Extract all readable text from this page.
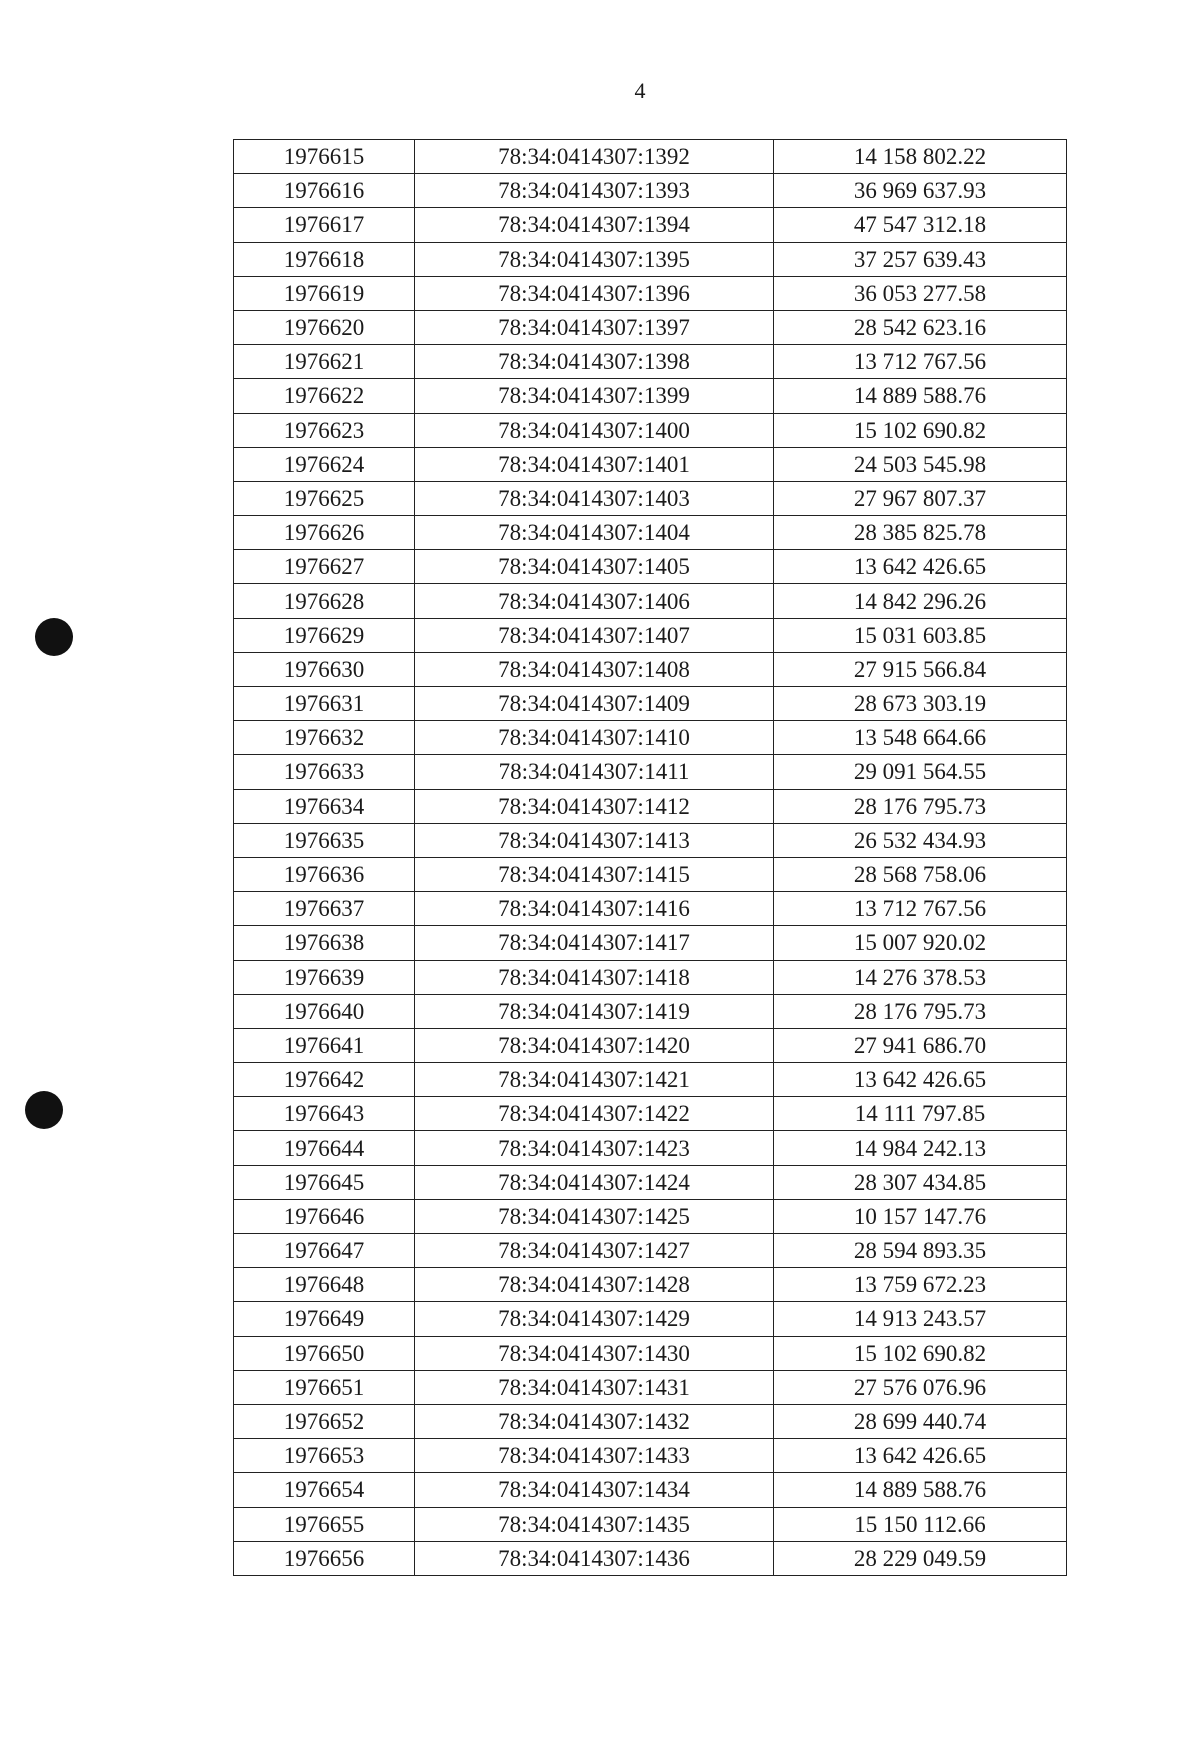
4
1976615	78:34:0414307:1392	14 158 802.22
1976616	78:34:0414307:1393	36 969 637.93
1976617	78:34:0414307:1394	47 547 312.18
1976618	78:34:0414307:1395	37 257 639.43
1976619	78:34:0414307:1396	36 053 277.58
1976620	78:34:0414307:1397	28 542 623.16
1976621	78:34:0414307:1398	13 712 767.56
1976622	78:34:0414307:1399	14 889 588.76
1976623	78:34:0414307:1400	15 102 690.82
1976624	78:34:0414307:1401	24 503 545.98
1976625	78:34:0414307:1403	27 967 807.37
1976626	78:34:0414307:1404	28 385 825.78
1976627	78:34:0414307:1405	13 642 426.65
1976628	78:34:0414307:1406	14 842 296.26
1976629	78:34:0414307:1407	15 031 603.85
1976630	78:34:0414307:1408	27 915 566.84
1976631	78:34:0414307:1409	28 673 303.19
1976632	78:34:0414307:1410	13 548 664.66
1976633	78:34:0414307:1411	29 091 564.55
1976634	78:34:0414307:1412	28 176 795.73
1976635	78:34:0414307:1413	26 532 434.93
1976636	78:34:0414307:1415	28 568 758.06
1976637	78:34:0414307:1416	13 712 767.56
1976638	78:34:0414307:1417	15 007 920.02
1976639	78:34:0414307:1418	14 276 378.53
1976640	78:34:0414307:1419	28 176 795.73
1976641	78:34:0414307:1420	27 941 686.70
1976642	78:34:0414307:1421	13 642 426.65
1976643	78:34:0414307:1422	14 111 797.85
1976644	78:34:0414307:1423	14 984 242.13
1976645	78:34:0414307:1424	28 307 434.85
1976646	78:34:0414307:1425	10 157 147.76
1976647	78:34:0414307:1427	28 594 893.35
1976648	78:34:0414307:1428	13 759 672.23
1976649	78:34:0414307:1429	14 913 243.57
1976650	78:34:0414307:1430	15 102 690.82
1976651	78:34:0414307:1431	27 576 076.96
1976652	78:34:0414307:1432	28 699 440.74
1976653	78:34:0414307:1433	13 642 426.65
1976654	78:34:0414307:1434	14 889 588.76
1976655	78:34:0414307:1435	15 150 112.66
1976656	78:34:0414307:1436	28 229 049.59
